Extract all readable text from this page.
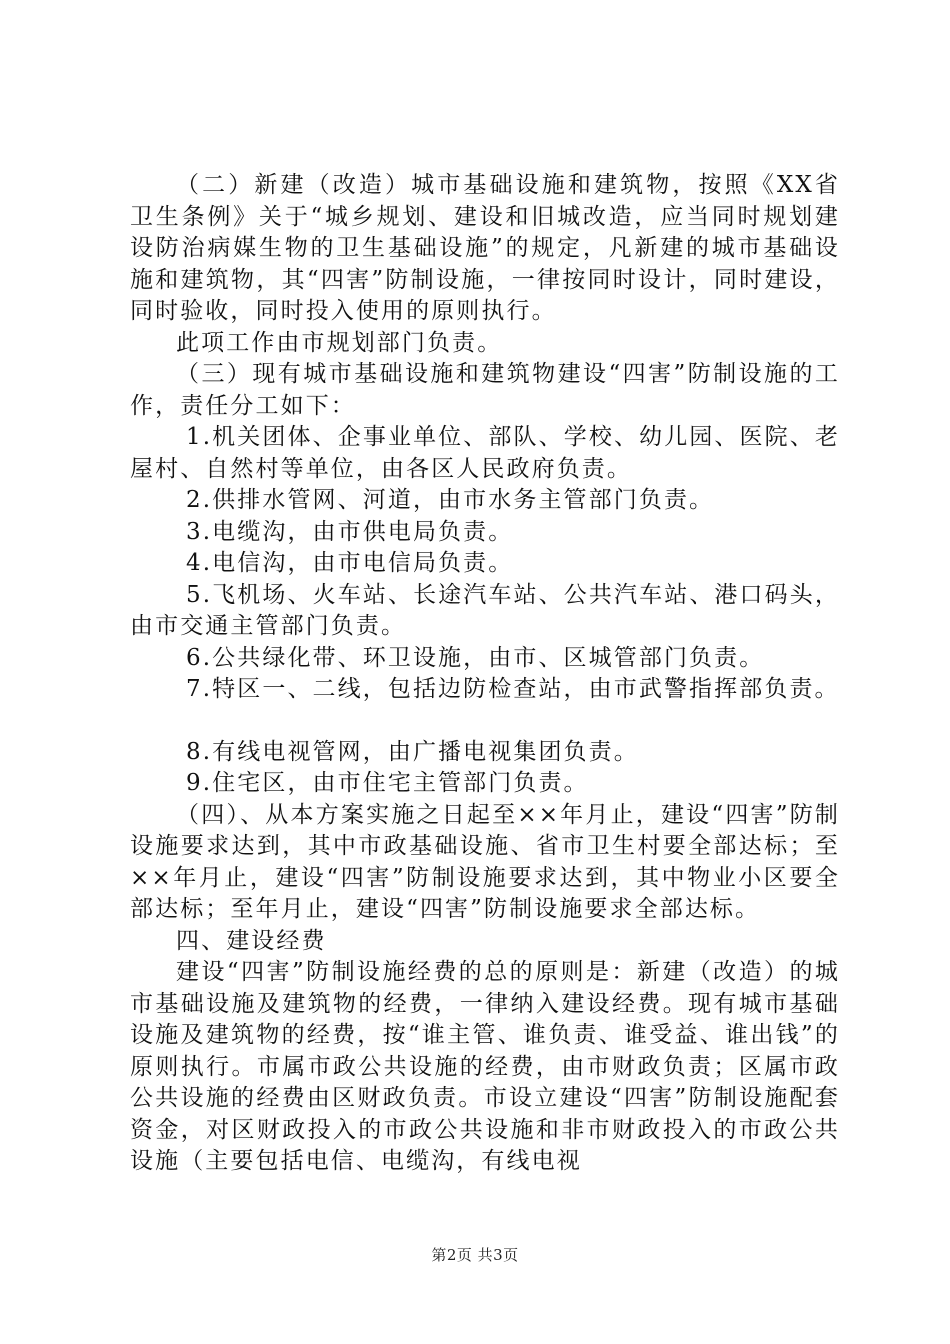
（二）新建（改造）城市基础设施和建筑物，按照《XX省卫生条例》关于“城乡规划、建设和旧城改造，应当同时规划建设防治病媒生物的卫生基础设施”的规定，凡新建的城市基础设施和建筑物，其“四害”防制设施，一律按同时设计，同时建设，同时验收，同时投入使用的原则执行。

此项工作由市规划部门负责。

（三）现有城市基础设施和建筑物建设“四害”防制设施的工作，责任分工如下：

1.机关团体、企事业单位、部队、学校、幼儿园、医院、老屋村、自然村等单位，由各区人民政府负责。

2.供排水管网、河道，由市水务主管部门负责。

3.电缆沟，由市供电局负责。

4.电信沟，由市电信局负责。

5.飞机场、火车站、长途汽车站、公共汽车站、港口码头，由市交通主管部门负责。

6.公共绿化带、环卫设施，由市、区城管部门负责。

7.特区一、二线，包括边防检查站，由市武警指挥部负责。

8.有线电视管网，由广播电视集团负责。

9.住宅区，由市住宅主管部门负责。

（四）、从本方案实施之日起至××年月止，建设“四害”防制设施要求达到，其中市政基础设施、省市卫生村要全部达标；至××年月止，建设“四害”防制设施要求达到，其中物业小区要全部达标；至年月止，建设“四害”防制设施要求全部达标。

四、建设经费

建设“四害”防制设施经费的总的原则是：新建（改造）的城市基础设施及建筑物的经费，一律纳入建设经费。现有城市基础设施及建筑物的经费，按“谁主管、谁负责、谁受益、谁出钱”的原则执行。市属市政公共设施的经费，由市财政负责；区属市政公共设施的经费由区财政负责。市设立建设“四害”防制设施配套资金，对区财政投入的市政公共设施和非市财政投入的市政公共设施（主要包括电信、电缆沟，有线电视

第2页 共3页
